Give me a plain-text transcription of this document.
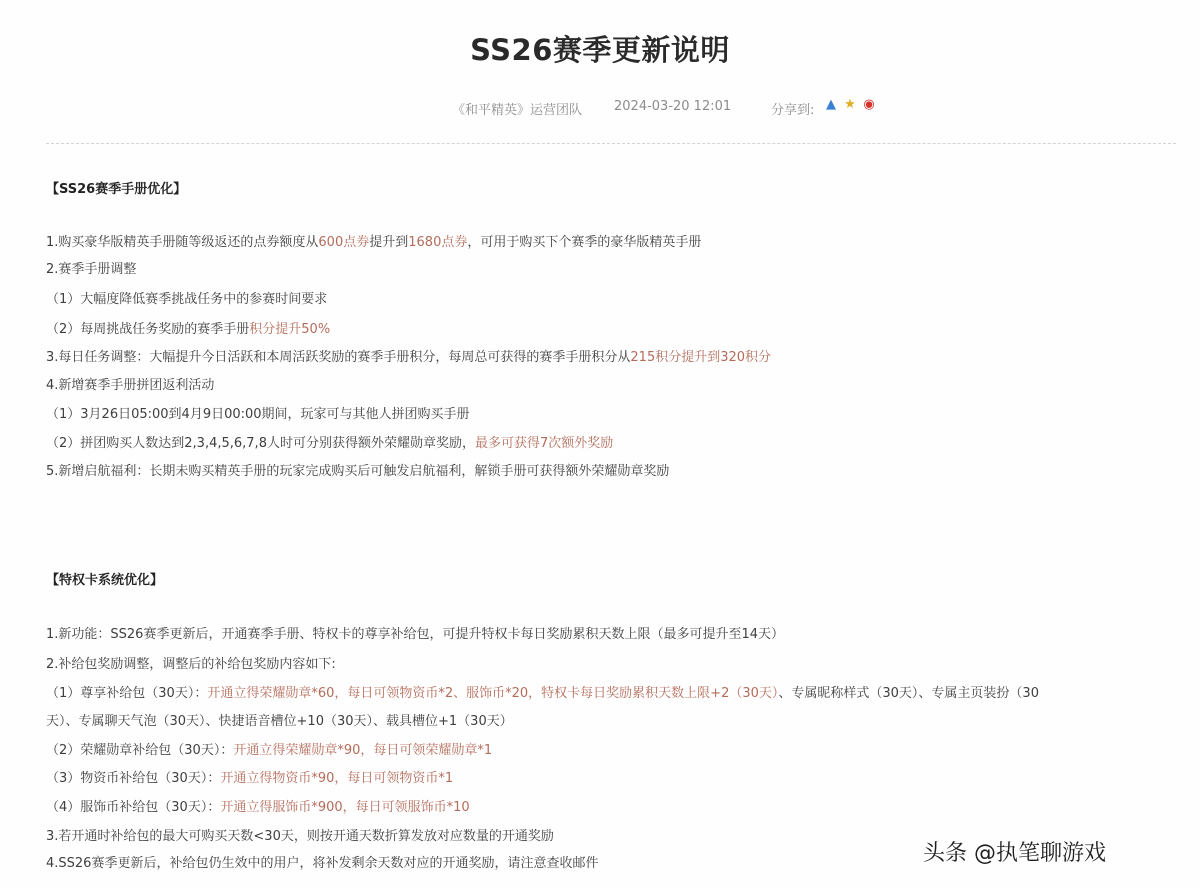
SS26赛季更新说明
《和平精英》运营团队 2024-03-20 12:01	分享到: ▲ ★ ◉
【SS26赛季手册优化】
1.购买豪华版精英手册随等级返还的点券额度从600点券提升到1680点券，可用于购买下个赛季的豪华版精英手册
2.赛季手册调整
（1）大幅度降低赛季挑战任务中的参赛时间要求
（2）每周挑战任务奖励的赛季手册积分提升50%
3.每日任务调整：大幅提升今日活跃和本周活跃奖励的赛季手册积分，每周总可获得的赛季手册积分从215积分提升到320积分
4.新增赛季手册拼团返利活动
（1）3月26日05:00到4月9日00:00期间，玩家可与其他人拼团购买手册
（2）拼团购买人数达到2,3,4,5,6,7,8人时可分别获得额外荣耀勋章奖励，最多可获得7次额外奖励
5.新增启航福利：长期未购买精英手册的玩家完成购买后可触发启航福利，解锁手册可获得额外荣耀勋章奖励
【特权卡系统优化】
1.新功能：SS26赛季更新后，开通赛季手册、特权卡的尊享补给包，可提升特权卡每日奖励累积天数上限（最多可提升至14天）
2.补给包奖励调整，调整后的补给包奖励内容如下:
（1）尊享补给包（30天）：开通立得荣耀勋章*60，每日可领物资币*2、服饰币*20，特权卡每日奖励累积天数上限+2（30天）、专属昵称样式（30天）、专属主页装扮（30
天）、专属聊天气泡（30天）、快捷语音槽位+10（30天）、载具槽位+1（30天）
（2）荣耀勋章补给包（30天）：开通立得荣耀勋章*90，每日可领荣耀勋章*1
（3）物资币补给包（30天）：开通立得物资币*90，每日可领物资币*1
（4）服饰币补给包（30天）：开通立得服饰币*900，每日可领服饰币*10
3.若开通时补给包的最大可购买天数<30天，则按开通天数折算发放对应数量的开通奖励
4.SS26赛季更新后，补给包仍生效中的用户，将补发剩余天数对应的开通奖励，请注意查收邮件	头条 @执笔聊游戏
